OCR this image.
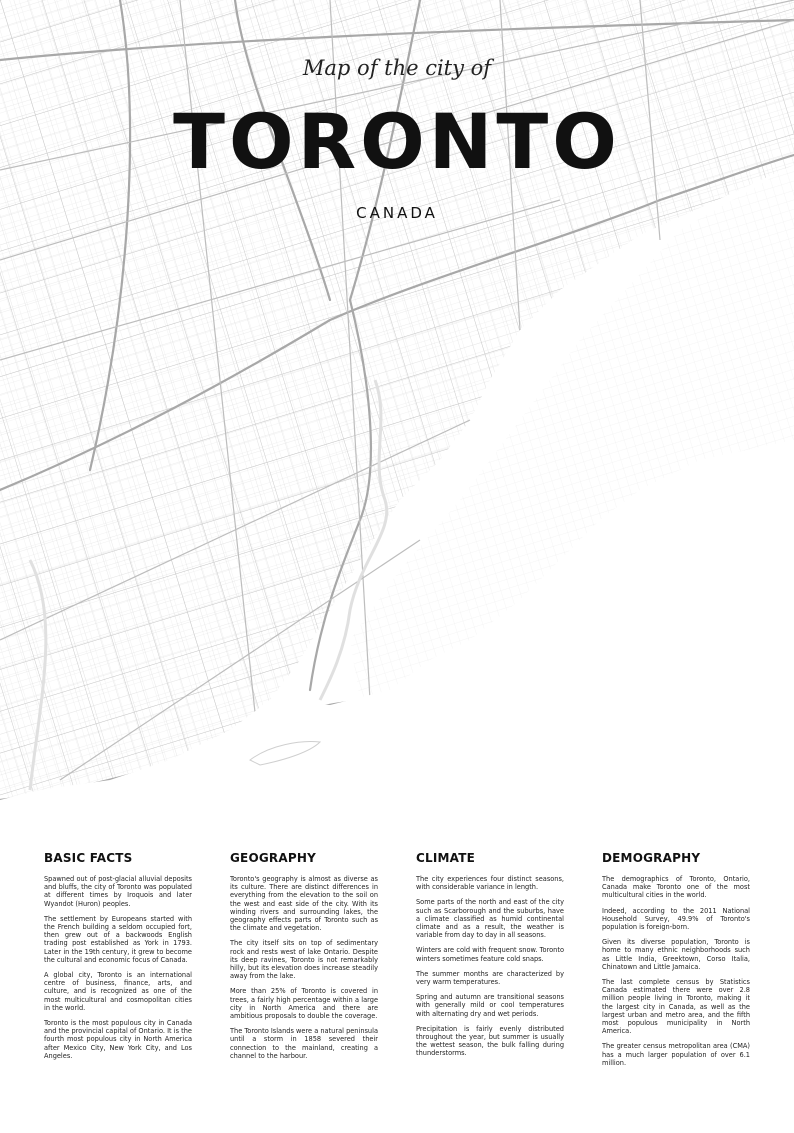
Map of the city of
TORONTO
CANADA
BASIC FACTS

Spawned out of post-glacial alluvial deposits and bluffs, the city of Toronto was populated at different times by Iroquois and later Wyandot (Huron) peoples.

The settlement by Europeans started with the French building a seldom occupied fort, then grew out of a backwoods English trading post established as York in 1793. Later in the 19th century, it grew to become the cultural and economic focus of Canada.

A global city, Toronto is an international centre of business, finance, arts, and culture, and is recognized as one of the most multicultural and cosmopolitan cities in the world.

Toronto is the most populous city in Canada and the provincial capital of Ontario. It is the fourth most populous city in North America after Mexico City, New York City, and Los Angeles.

GEOGRAPHY

Toronto's geography is almost as diverse as its culture. There are distinct differences in everything from the elevation to the soil on the west and east side of the city. With its winding rivers and surrounding lakes, the geography effects parts of Toronto such as the climate and vegetation.

The city itself sits on top of sedimentary rock and rests west of lake Ontario. Despite its deep ravines, Toronto is not remarkably hilly, but its elevation does increase steadily away from the lake.

More than 25% of Toronto is covered in trees, a fairly high percentage within a large city in North America and there are ambitious proposals to double the coverage.

The Toronto Islands were a natural peninsula until a storm in 1858 severed their connection to the mainland, creating a channel to the harbour.

CLIMATE

The city experiences four distinct seasons, with considerable variance in length.

Some parts of the north and east of the city such as Scarborough and the suburbs, have a climate classified as humid continental climate and as a result, the weather is variable from day to day in all seasons.

Winters are cold with frequent snow. Toronto winters sometimes feature cold snaps.

The summer months are characterized by very warm temperatures.

Spring and autumn are transitional seasons with generally mild or cool temperatures with alternating dry and wet periods.

Precipitation is fairly evenly distributed throughout the year, but summer is usually the wettest season, the bulk falling during thunderstorms.

DEMOGRAPHY

The demographics of Toronto, Ontario, Canada make Toronto one of the most multicultural cities in the world.

Indeed, according to the 2011 National Household Survey, 49.9% of Toronto's population is foreign-born.

Given its diverse population, Toronto is home to many ethnic neighborhoods such as Little India, Greektown, Corso Italia, Chinatown and Little Jamaica.

The last complete census by Statistics Canada estimated there were over 2.8 million people living in Toronto, making it the largest city in Canada, as well as the largest urban and metro area, and the fifth most populous municipality in North America.

The greater census metropolitan area (CMA) has a much larger population of over 6.1 million.
